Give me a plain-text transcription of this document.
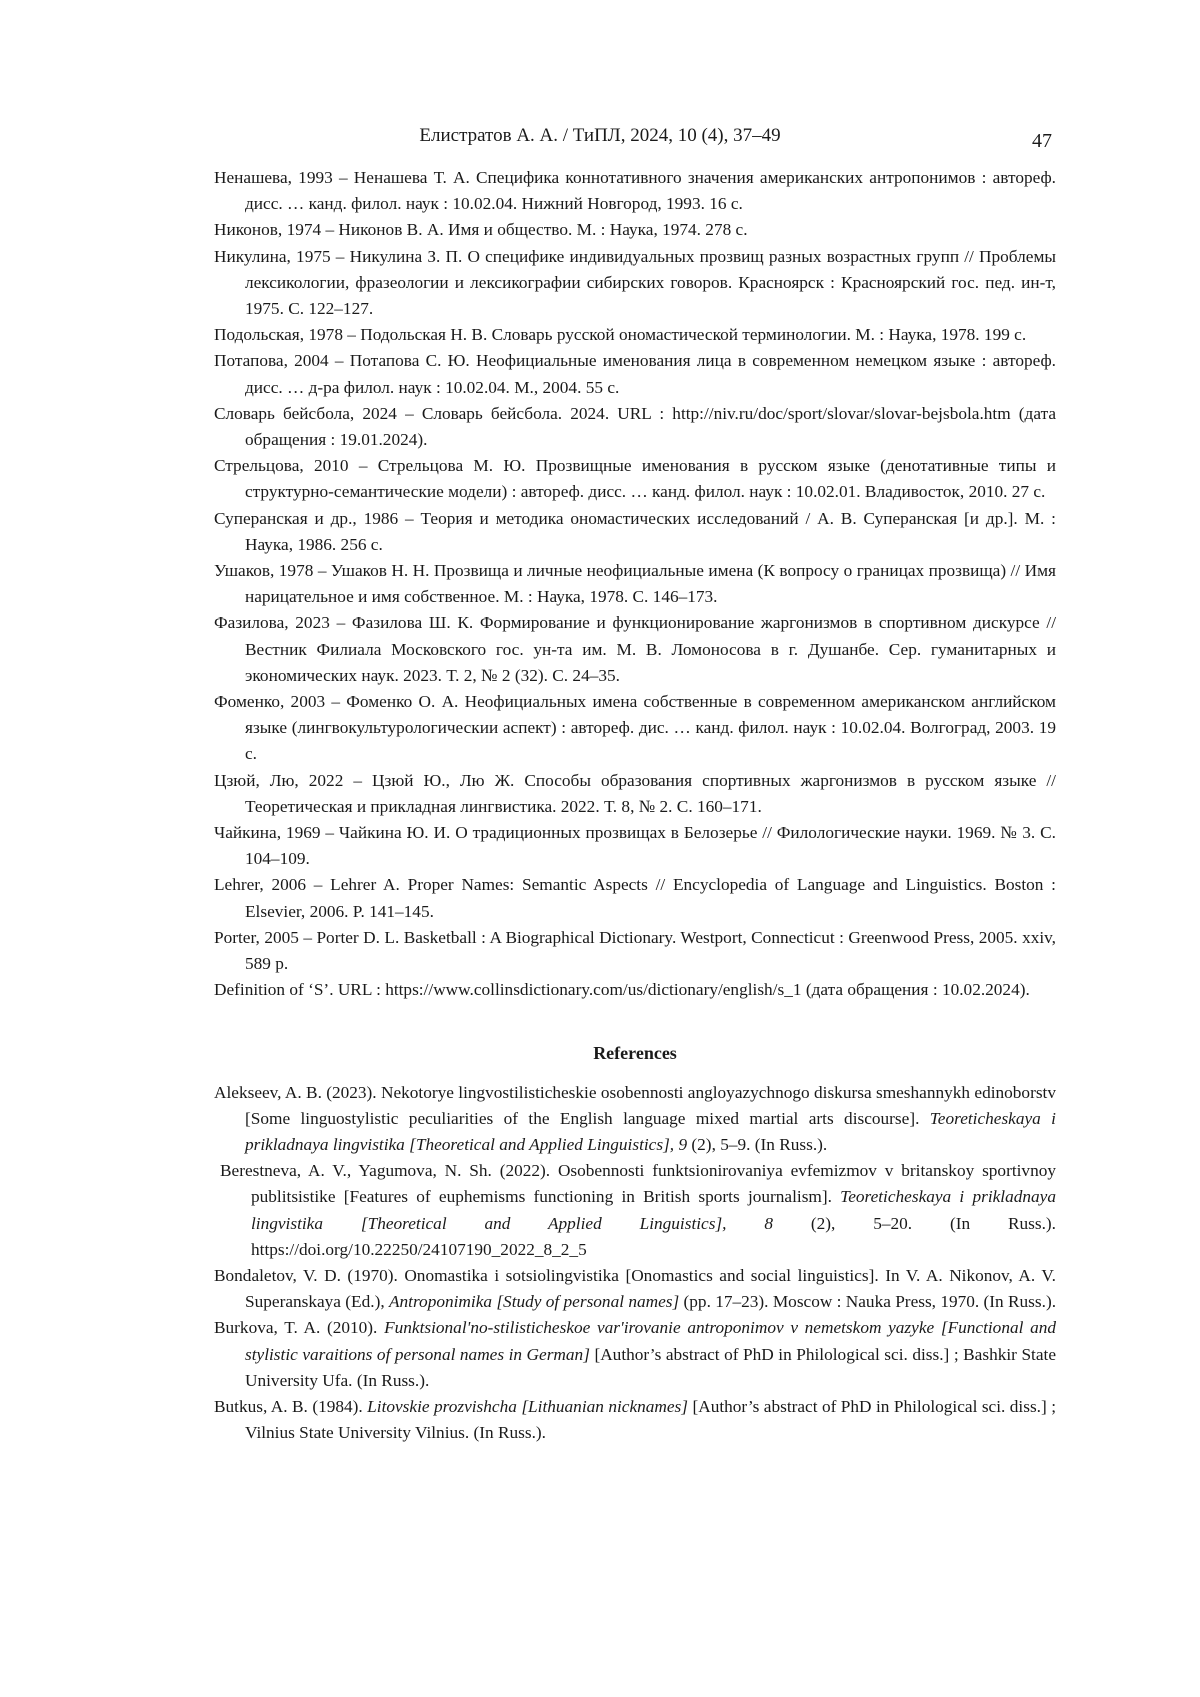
Елистратов А. А. / ТиПЛ, 2024, 10 (4), 37–49	47

Ненашева, 1993 – Ненашева Т. А. Специфика коннотативного значения американских антропонимов : автореф. дисс. … канд. филол. наук : 10.02.04. Нижний Новгород, 1993. 16 с.

Никонов, 1974 – Никонов В. А. Имя и общество. М. : Наука, 1974. 278 с.

Никулина, 1975 – Никулина З. П. О специфике индивидуальных прозвищ разных возрастных групп // Проблемы лексикологии, фразеологии и лексикографии сибирских говоров. Красноярск : Красноярский гос. пед. ин-т, 1975. С. 122–127.

Подольская, 1978 – Подольская Н. В. Словарь русской ономастической терминологии. М. : Наука, 1978. 199 с.

Потапова, 2004 – Потапова С. Ю. Неофициальные именования лица в современном немецком языке : автореф. дисс. … д-ра филол. наук : 10.02.04. М., 2004. 55 с.

Словарь бейсбола, 2024 – Словарь бейсбола. 2024. URL : http://niv.ru/doc/sport/slovar/slovar-bejsbola.htm (дата обращения : 19.01.2024).

Стрельцова, 2010 – Стрельцова М. Ю. Прозвищные именования в русском языке (денотативные типы и структурно-семантические модели) : автореф. дисс. … канд. филол. наук : 10.02.01. Владивосток, 2010. 27 с.

Суперанская и др., 1986 – Теория и методика ономастических исследований / А. В. Суперанская [и др.]. М. : Наука, 1986. 256 с.

Ушаков, 1978 – Ушаков Н. Н. Прозвища и личные неофициальные имена (К вопросу о границах прозвища) // Имя нарицательное и имя собственное. М. : Наука, 1978. С. 146–173.

Фазилова, 2023 – Фазилова Ш. К. Формирование и функционирование жаргонизмов в спортивном дискурсе // Вестник Филиала Московского гос. ун-та им. М. В. Ломоносова в г. Душанбе. Сер. гуманитарных и экономических наук. 2023. Т. 2, № 2 (32). С. 24–35.

Фоменко, 2003 – Фоменко О. А. Неофициальных имена собственные в современном американском английском языке (лингвокультурологическии аспект) : автореф. дис. … канд. филол. наук : 10.02.04. Волгоград, 2003. 19 с.

Цзюй, Лю, 2022 – Цзюй Ю., Лю Ж. Способы образования спортивных жаргонизмов в русском языке // Теоретическая и прикладная лингвистика. 2022. Т. 8, № 2. С. 160–171.

Чайкина, 1969 – Чайкина Ю. И. О традиционных прозвищах в Белозерье // Филологические науки. 1969. № 3. С. 104–109.

Lehrer, 2006 – Lehrer A. Proper Names: Semantic Aspects // Encyclopedia of Language and Linguistics. Boston : Elsevier, 2006. P. 141–145.

Porter, 2005 – Porter D. L. Basketball : A Biographical Dictionary. Westport, Connecticut : Greenwood Press, 2005. xxiv, 589 p.

Definition of ‘S’. URL : https://www.collinsdictionary.com/us/dictionary/english/s_1 (дата обращения : 10.02.2024).

References

Alekseev, A. B. (2023). Nekotorye lingvostilisticheskie osobennosti angloyazychnogo diskursa smeshannykh edinoborstv [Some linguostylistic peculiarities of the English language mixed martial arts discourse]. Teoreticheskaya i prikladnaya lingvistika [Theoretical and Applied Linguistics], 9 (2), 5–9. (In Russ.).

Berestneva, A. V., Yagumova, N. Sh. (2022). Osobennosti funktsionirovaniya evfemizmov v britanskoy sportivnoy publitsistike [Features of euphemisms functioning in British sports journalism]. Teoreticheskaya i prikladnaya lingvistika [Theoretical and Applied Linguistics], 8 (2), 5–20. (In Russ.). https://doi.org/10.22250/24107190_2022_8_2_5

Bondaletov, V. D. (1970). Onomastika i sotsiolingvistika [Onomastics and social linguistics]. In V. A. Nikonov, A. V. Superanskaya (Ed.), Antroponimika [Study of personal names] (pp. 17–23). Moscow : Nauka Press, 1970. (In Russ.).

Burkova, T. A. (2010). Funktsional'no-stilisticheskoe var'irovanie antroponimov v nemetskom yazyke [Functional and stylistic varaitions of personal names in German] [Author’s abstract of PhD in Philological sci. diss.] ; Bashkir State University Ufa. (In Russ.).

Butkus, A. B. (1984). Litovskie prozvishcha [Lithuanian nicknames] [Author’s abstract of PhD in Philological sci. diss.] ; Vilnius State University Vilnius. (In Russ.).
